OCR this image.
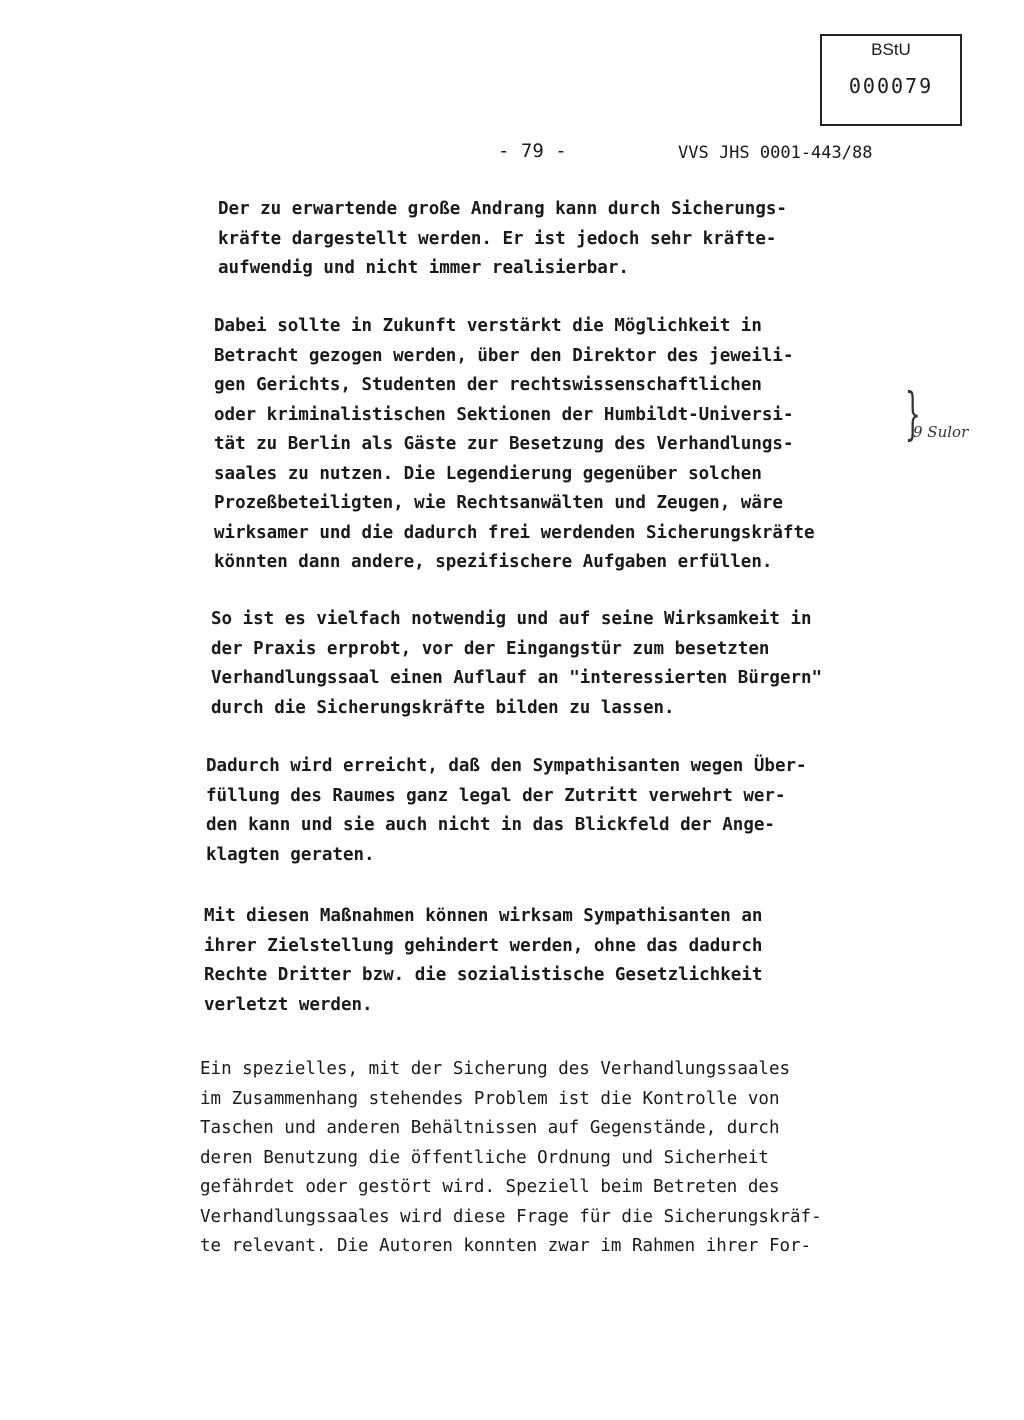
BStU
000079
- 79 -	VVS JHS 0001-443/88
Der zu erwartende große Andrang kann durch Sicherungs-
kräfte dargestellt werden. Er ist jedoch sehr kräfte-
aufwendig und nicht immer realisierbar.
Dabei sollte in Zukunft verstärkt die Möglichkeit in
Betracht gezogen werden, über den Direktor des jeweili-
gen Gerichts, Studenten der rechtswissenschaftlichen
oder kriminalistischen Sektionen der Humbildt-Universi-
tät zu Berlin als Gäste zur Besetzung des Verhandlungs-
saales zu nutzen. Die Legendierung gegenüber solchen
Prozeßbeteiligten, wie Rechtsanwälten und Zeugen, wäre
wirksamer und die dadurch frei werdenden Sicherungskräfte
könnten dann andere, spezifischere Aufgaben erfüllen.
So ist es vielfach notwendig und auf seine Wirksamkeit in
der Praxis erprobt, vor der Eingangstür zum besetzten
Verhandlungssaal einen Auflauf an "interessierten Bürgern"
durch die Sicherungskräfte bilden zu lassen.
Dadurch wird erreicht, daß den Sympathisanten wegen Über-
füllung des Raumes ganz legal der Zutritt verwehrt wer-
den kann und sie auch nicht in das Blickfeld der Ange-
klagten geraten.
Mit diesen Maßnahmen können wirksam Sympathisanten an
ihrer Zielstellung gehindert werden, ohne das dadurch
Rechte Dritter bzw. die sozialistische Gesetzlichkeit
verletzt werden.
Ein spezielles, mit der Sicherung des Verhandlungssaales
im Zusammenhang stehendes Problem ist die Kontrolle von
Taschen und anderen Behältnissen auf Gegenstände, durch
deren Benutzung die öffentliche Ordnung und Sicherheit
gefährdet oder gestört wird. Speziell beim Betreten des
Verhandlungssaales wird diese Frage für die Sicherungskräf-
te relevant. Die Autoren konnten zwar im Rahmen ihrer For-
}
9 Sulor
